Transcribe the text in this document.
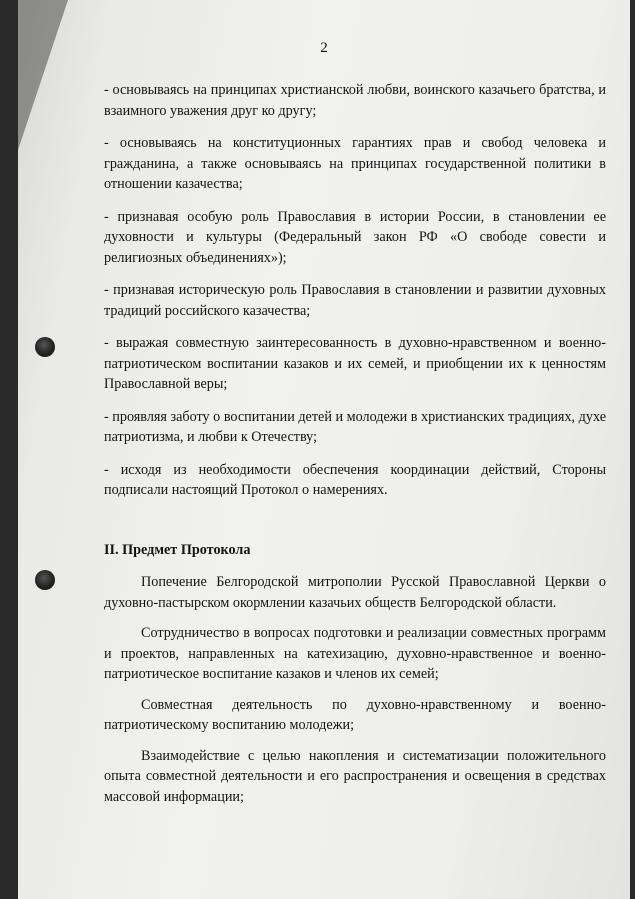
2

- основываясь на принципах христианской любви, воинского казачьего братства, и взаимного уважения друг ко другу;

- основываясь на конституционных гарантиях прав и свобод человека и гражданина, а также основываясь на принципах государственной политики в отношении казачества;

- признавая особую роль Православия в истории России, в становлении ее духовности и культуры (Федеральный закон РФ «О свободе совести и религиозных объединениях»);

- признавая историческую роль Православия в становлении и развитии духовных традиций российского казачества;

- выражая совместную заинтересованность в духовно-нравственном и военно-патриотическом воспитании казаков и их семей, и приобщении их к ценностям Православной веры;

- проявляя заботу о воспитании детей и молодежи в христианских традициях, духе патриотизма, и любви к Отечеству;

- исходя из необходимости обеспечения координации действий, Стороны подписали настоящий Протокол о намерениях.

II. Предмет Протокола

Попечение Белгородской митрополии Русской Православной Церкви о духовно-пастырском окормлении казачьих обществ Белгородской области.

Сотрудничество в вопросах подготовки и реализации совместных программ и проектов, направленных на катехизацию, духовно-нравственное и военно-патриотическое воспитание казаков и членов их семей;

Совместная деятельность по духовно-нравственному и военно-патриотическому воспитанию молодежи;

Взаимодействие с целью накопления и систематизации положительного опыта совместной деятельности и его распространения и освещения в средствах массовой информации;
